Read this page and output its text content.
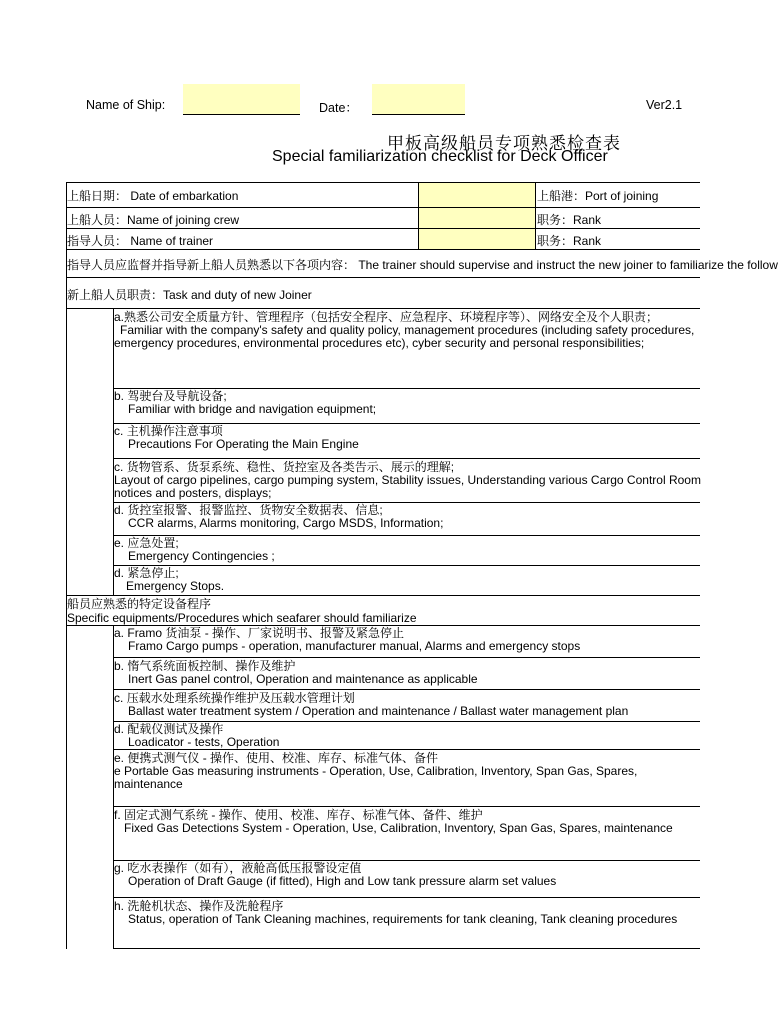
Name of Ship:	Date：	Ver2.1
甲板高级船员专项熟悉检查表
Special familiarization checklist for Deck Officer
上船日期： Date of embarkation	上船港：Port of joining
上船人员：Name of joining crew	职务：Rank
指导人员： Name of trainer	职务：Rank
指导人员应监督并指导新上船人员熟悉以下各项内容： The trainer should supervise and instruct the new joiner to familiarize the follow
新上船人员职责：Task and duty of new Joiner
a.熟悉公司安全质量方针、管理程序（包括安全程序、应急程序、环境程序等）、网络安全及个人职责；
Familiar with the company's safety and quality policy, management procedures (including safety procedures,
emergency procedures, environmental procedures etc), cyber security and personal responsibilities;
b. 驾驶台及导航设备;
Familiar with bridge and navigation equipment;
c. 主机操作注意事项
Precautions For Operating the Main Engine
c. 货物管系、货泵系统、稳性、货控室及各类告示、展示的理解;
Layout of cargo pipelines, cargo pumping system, Stability issues, Understanding various Cargo Control Room
notices and posters, displays;
d. 货控室报警、报警监控、货物安全数据表、信息;
CCR alarms, Alarms monitoring, Cargo MSDS, Information;
e. 应急处置;
Emergency Contingencies ;
d. 紧急停止;
Emergency Stops.
船员应熟悉的特定设备程序
Specific equipments/Procedures which seafarer should familiarize
a. Framo 货油泵 - 操作、厂家说明书、报警及紧急停止
Framo Cargo pumps - operation, manufacturer manual, Alarms and emergency stops
b. 惰气系统面板控制、操作及维护
Inert Gas panel control, Operation and maintenance as applicable
c. 压载水处理系统操作维护及压载水管理计划
Ballast water treatment system / Operation and maintenance / Ballast water management plan
d. 配载仪测试及操作
Loadicator - tests, Operation
e. 便携式测气仪 - 操作、使用、校准、库存、标准气体、备件
e Portable Gas measuring instruments - Operation, Use, Calibration, Inventory, Span Gas, Spares,
maintenance
f. 固定式测气系统 - 操作、使用、校准、库存、标准气体、备件、维护
Fixed Gas Detections System - Operation, Use, Calibration, Inventory, Span Gas, Spares, maintenance
g. 吃水表操作（如有），液舱高低压报警设定值
Operation of Draft Gauge (if fitted), High and Low tank pressure alarm set values
h. 洗舱机状态、操作及洗舱程序
Status, operation of Tank Cleaning machines, requirements for tank cleaning, Tank cleaning procedures
